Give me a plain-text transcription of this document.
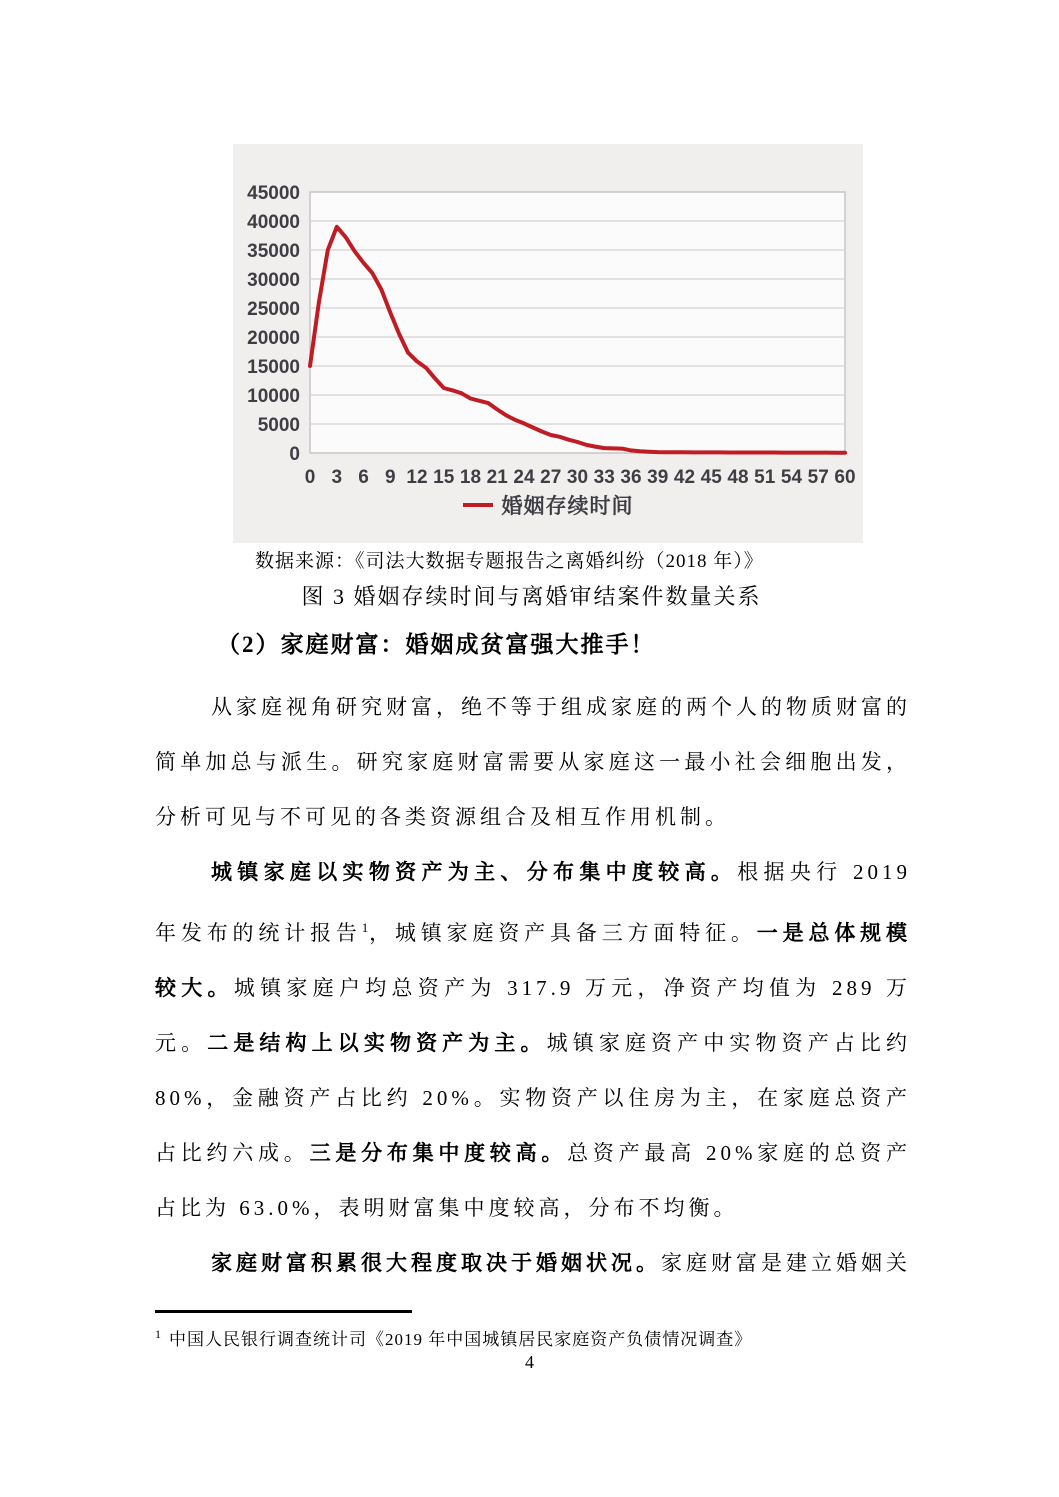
0
5000
10000
15000
20000
25000
30000
35000
40000
45000
0 3 6 9 12 15 18 21 24 27 30 33 36 39 42 45 48 51 54 57 60
婚姻存续时间
数据来源：《司法大数据专题报告之离婚纠纷（2018 年）》
图 3 婚姻存续时间与离婚审结案件数量关系
（2）家庭财富：婚姻成贫富强大推手！

从家庭视角研究财富，绝不等于组成家庭的两个人的物质财富的简单加总与派生。研究家庭财富需要从家庭这一最小社会细胞出发，分析可见与不可见的各类资源组合及相互作用机制。

城镇家庭以实物资产为主、分布集中度较高。根据央行 2019 年发布的统计报告$^1$，城镇家庭资产具备三方面特征。一是总体规模较大。城镇家庭户均总资产为 317.9 万元，净资产均值为 289 万元。二是结构上以实物资产为主。城镇家庭资产中实物资产占比约 80%，金融资产占比约 20%。实物资产以住房为主，在家庭总资产占比约六成。三是分布集中度较高。总资产最高 20%家庭的总资产占比为 63.0%，表明财富集中度较高，分布不均衡。

家庭财富积累很大程度取决于婚姻状况。家庭财富是建立婚姻关

$^1$ 中国人民银行调查统计司《2019 年中国城镇居民家庭资产负债情况调查》
4
